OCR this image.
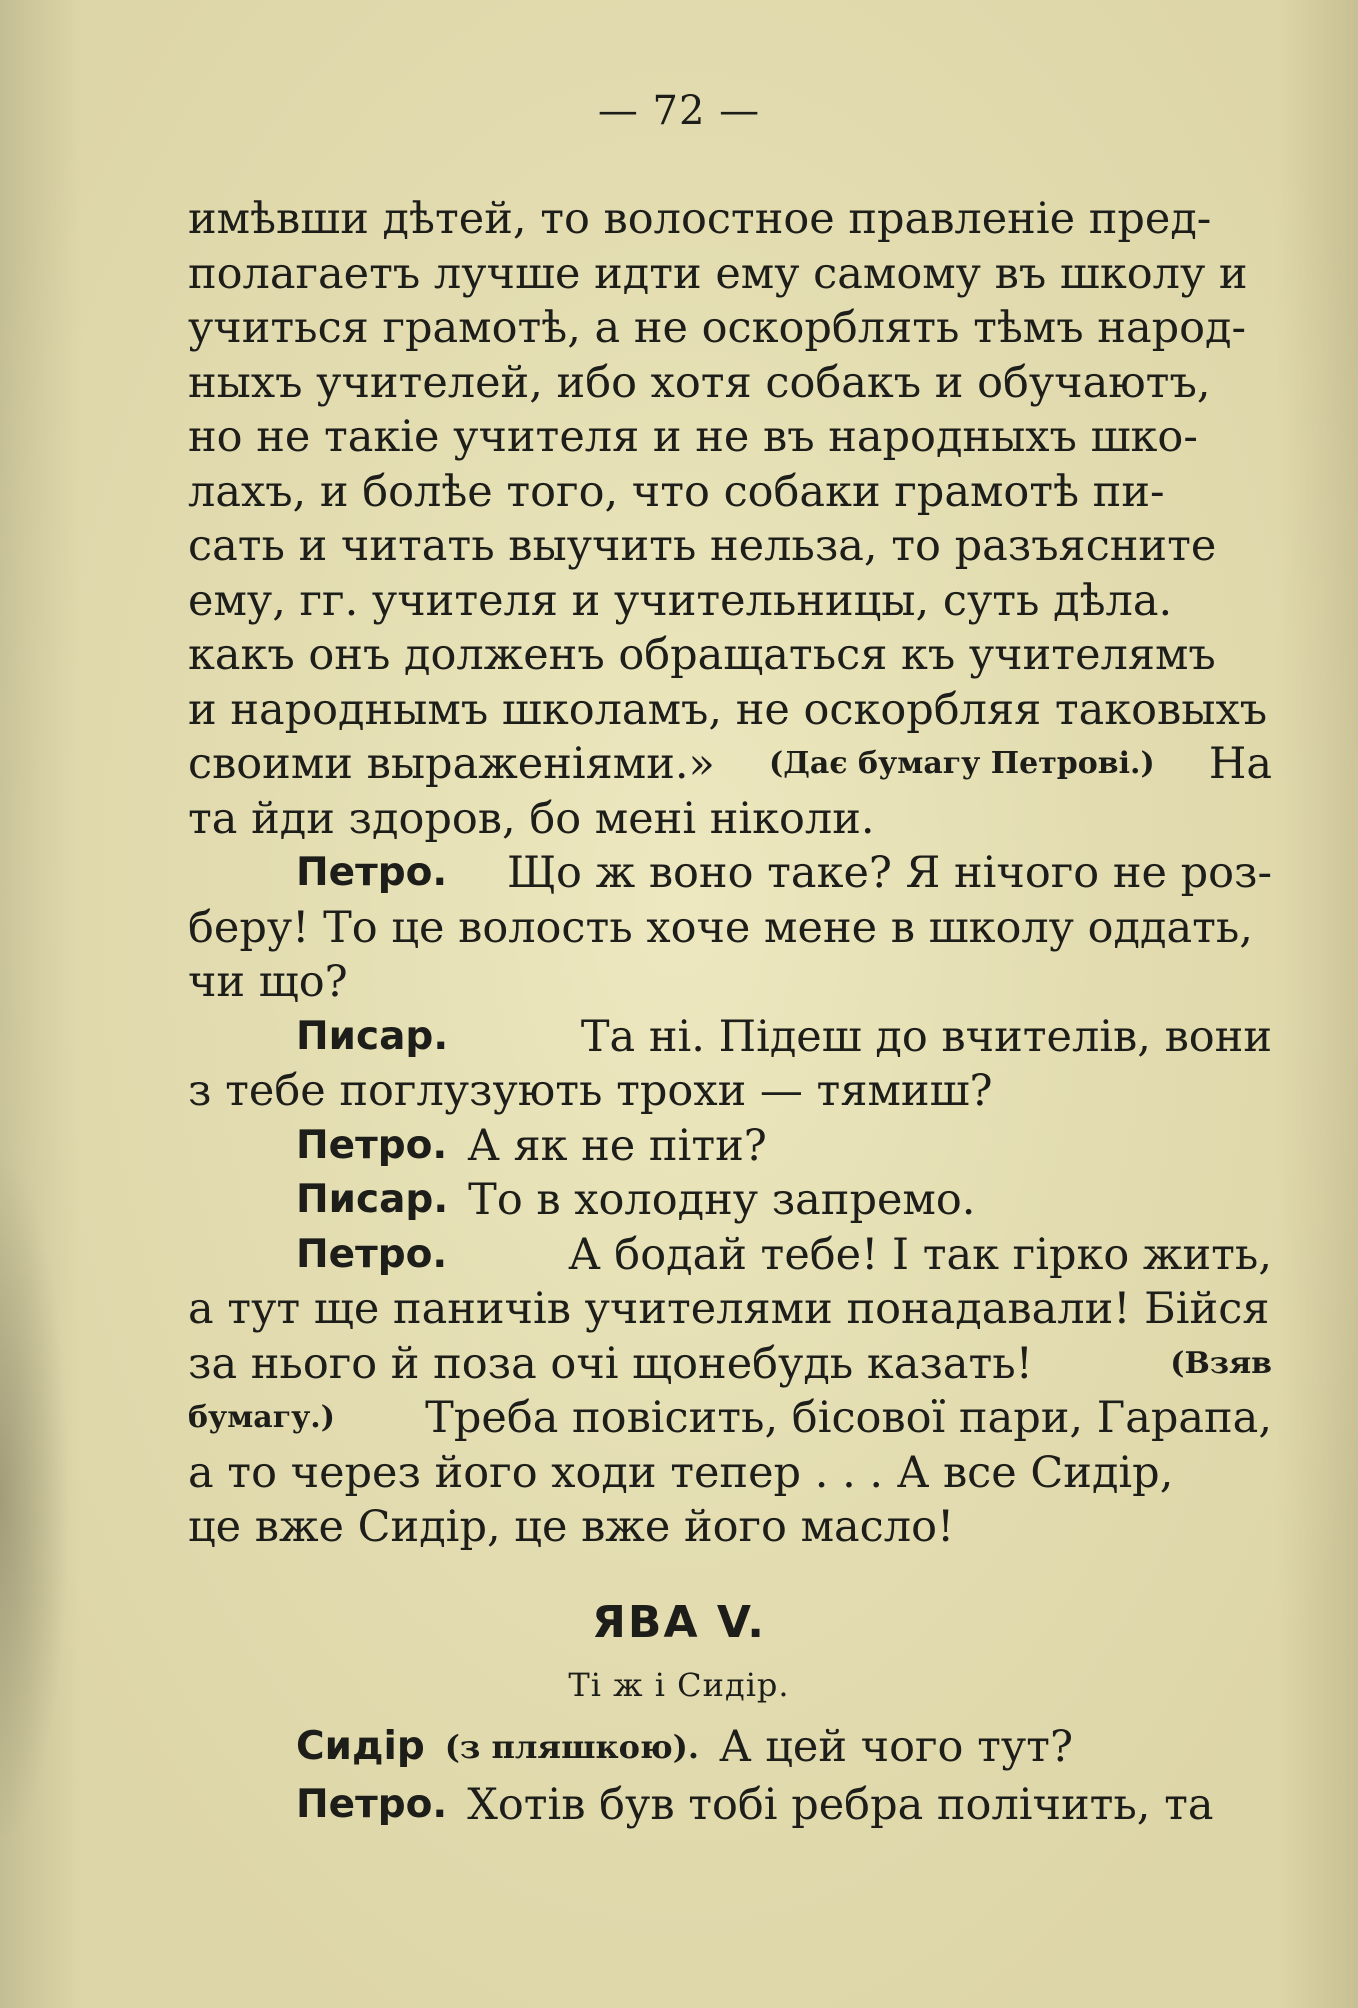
— 72 —
имѣвши дѣтей, то волостное правленіе пред-
полагаетъ лучше идти ему самому въ школу и
учиться грамотѣ, а не оскорблять тѣмъ народ-
ныхъ учителей, ибо хотя собакъ и обучаютъ,
но не такіе учителя и не въ народныхъ шко-
лахъ, и болѣе того, что собаки грамотѣ пи-
сать и читать выучить нельза, то разъясните
ему, гг. учителя и учительницы, суть дѣла.
какъ онъ долженъ обращаться къ учителямъ
и народнымъ школамъ, не оскорбляя таковыхъ
своими выраженіями.» (Дає бумагу Петрові.) На
та йди здоров, бо мені ніколи.
Петро. Що ж воно таке? Я нічого не роз-
беру! То це волость хоче мене в школу оддать,
чи що?
Писар.	Та ні. Підеш до вчителів, вони
з тебе поглузують трохи — тямиш?
Петро. А як не піти?
Писар. То в холодну запремо.
Петро.	А бодай тебе! І так гірко жить,
а тут ще паничів учителями понадавали! Бійся
за нього й поза очі щонебудь казать!	(Взяв
бумагу.) Треба повісить, бісової пари, Гарапа,
а то через його ходи тепер . . . А все Сидір,
це вже Сидір, це вже його масло!
ЯВА V.
Ті ж і Сидір.
Сидір (з пляшкою). А цей чого тут?
Петро. Хотів був тобі ребра полічить, та
